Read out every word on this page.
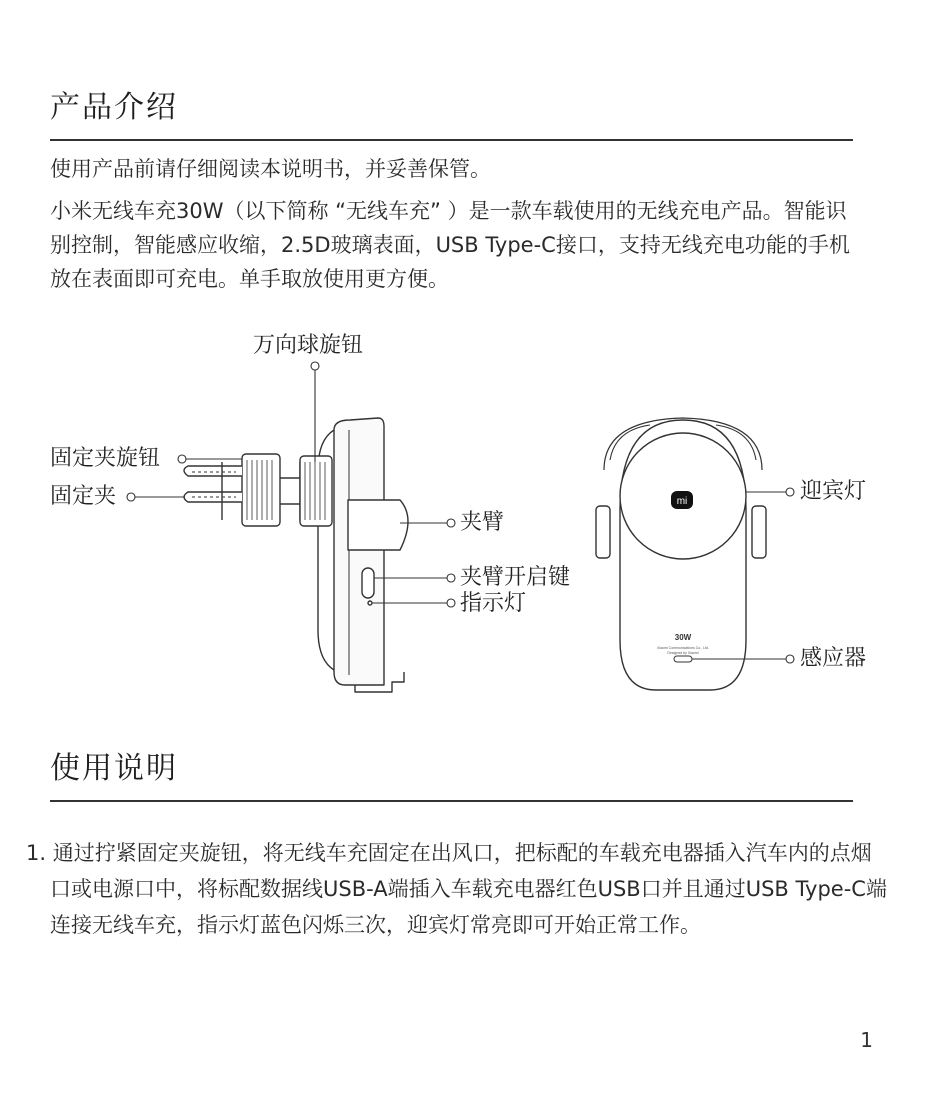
产品介绍

使用产品前请仔细阅读本说明书，并妥善保管。

小米无线车充30W（以下简称 “无线车充” ）是一款车载使用的无线充电产品。智能识别控制，智能感应收缩，2.5D玻璃表面，USB Type-C接口，支持无线充电功能的手机放在表面即可充电。单手取放使用更方便。

mi
30W
Xiaomi Communications Co., Ltd.
Designed by Xiaomi
万向球旋钮
固定夹旋钮
固定夹
夹臂
夹臂开启键
指示灯
迎宾灯
感应器
使用说明

1. 通过拧紧固定夹旋钮，将无线车充固定在出风口，把标配的车载充电器插入汽车内的点烟口或电源口中，将标配数据线USB-A端插入车载充电器红色USB口并且通过USB Type-C端连接无线车充，指示灯蓝色闪烁三次，迎宾灯常亮即可开始正常工作。

1
